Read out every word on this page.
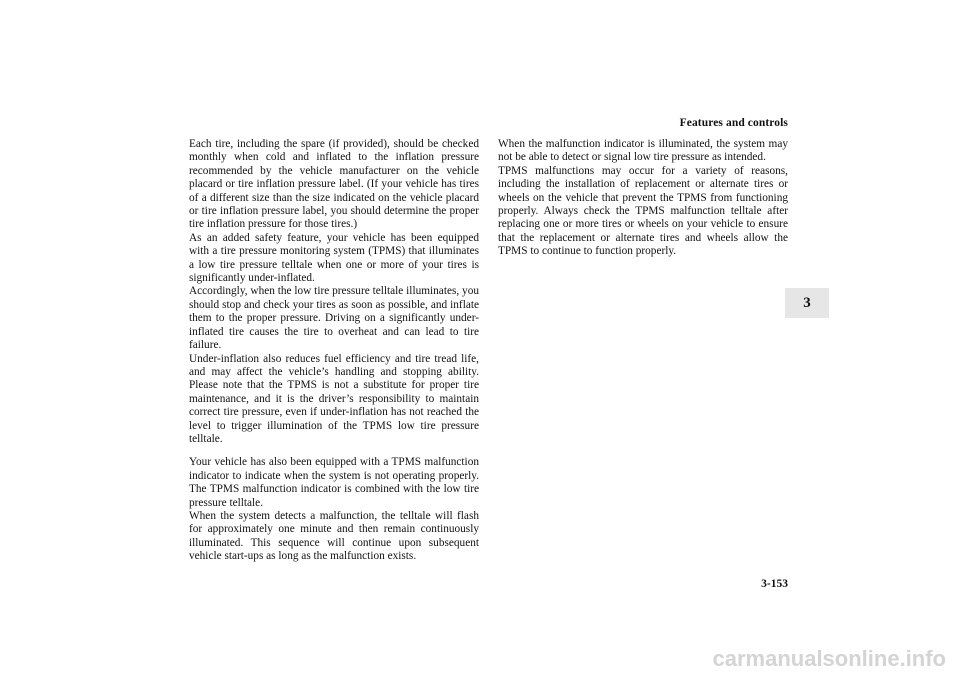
Features and controls

Each tire, including the spare (if provided), should be checked monthly when cold and inflated to the inflation pressure recommended by the vehicle manufacturer on the vehicle placard or tire inflation pressure label. (If your vehicle has tires of a different size than the size indicated on the vehicle placard or tire inflation pressure label, you should determine the proper tire inflation pressure for those tires.)

As an added safety feature, your vehicle has been equipped with a tire pressure monitoring system (TPMS) that illuminates a low tire pressure telltale when one or more of your tires is significantly under-inflated.

Accordingly, when the low tire pressure telltale illuminates, you should stop and check your tires as soon as possible, and inflate them to the proper pressure. Driving on a significantly under-inflated tire causes the tire to overheat and can lead to tire failure.

Under-inflation also reduces fuel efficiency and tire tread life, and may affect the vehicle’s handling and stopping ability. Please note that the TPMS is not a substitute for proper tire maintenance, and it is the driver’s responsibility to maintain correct tire pressure, even if under-inflation has not reached the level to trigger illumination of the TPMS low tire pressure telltale.

Your vehicle has also been equipped with a TPMS malfunction indicator to indicate when the system is not operating properly. The TPMS malfunction indicator is combined with the low tire pressure telltale.

When the system detects a malfunction, the telltale will flash for approximately one minute and then remain continuously illuminated. This sequence will continue upon subsequent vehicle start-ups as long as the malfunction exists.

When the malfunction indicator is illuminated, the system may not be able to detect or signal low tire pressure as intended.

TPMS malfunctions may occur for a variety of reasons, including the installation of replacement or alternate tires or wheels on the vehicle that prevent the TPMS from functioning properly. Always check the TPMS malfunction telltale after replacing one or more tires or wheels on your vehicle to ensure that the replacement or alternate tires and wheels allow the TPMS to continue to function properly.

3
3-153
carmanualsonline.info
